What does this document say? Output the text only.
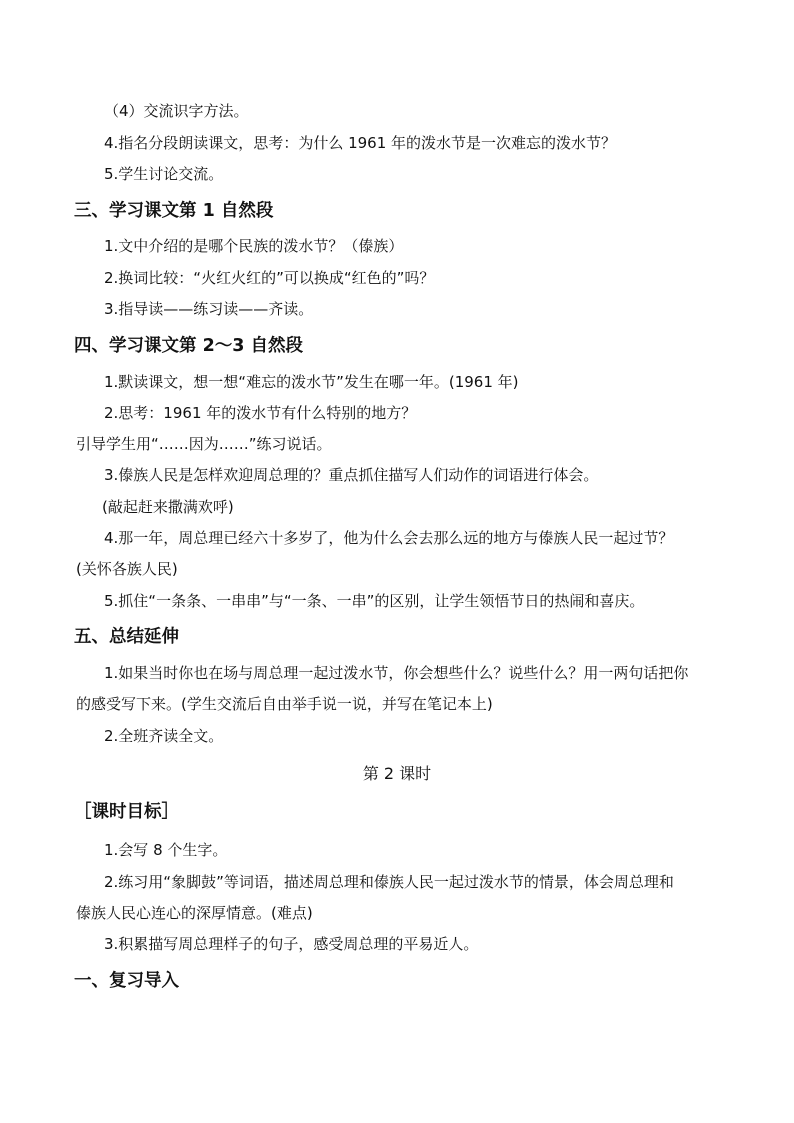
（4）交流识字方法。
4.指名分段朗读课文，思考：为什么 1961 年的泼水节是一次难忘的泼水节？
5.学生讨论交流。
三、学习课文第 1 自然段
1.文中介绍的是哪个民族的泼水节？（傣族）
2.换词比较：“火红火红的”可以换成“红色的”吗？
3.指导读——练习读——齐读。
四、学习课文第 2～3 自然段
1.默读课文，想一想“难忘的泼水节”发生在哪一年。(1961 年)
2.思考：1961 年的泼水节有什么特别的地方？
引导学生用“……因为……”练习说话。
3.傣族人民是怎样欢迎周总理的？重点抓住描写人们动作的词语进行体会。
(敲起赶来撒满欢呼)
4.那一年，周总理已经六十多岁了，他为什么会去那么远的地方与傣族人民一起过节？
(关怀各族人民)
5.抓住“一条条、一串串”与“一条、一串”的区别，让学生领悟节日的热闹和喜庆。
五、总结延伸
1.如果当时你也在场与周总理一起过泼水节，你会想些什么？说些什么？用一两句话把你
的感受写下来。(学生交流后自由举手说一说，并写在笔记本上)
2.全班齐读全文。
第 2 课时
［课时目标］
1.会写 8 个生字。
2.练习用“象脚鼓”等词语，描述周总理和傣族人民一起过泼水节的情景，体会周总理和
傣族人民心连心的深厚情意。(难点)
3.积累描写周总理样子的句子，感受周总理的平易近人。
一、复习导入
